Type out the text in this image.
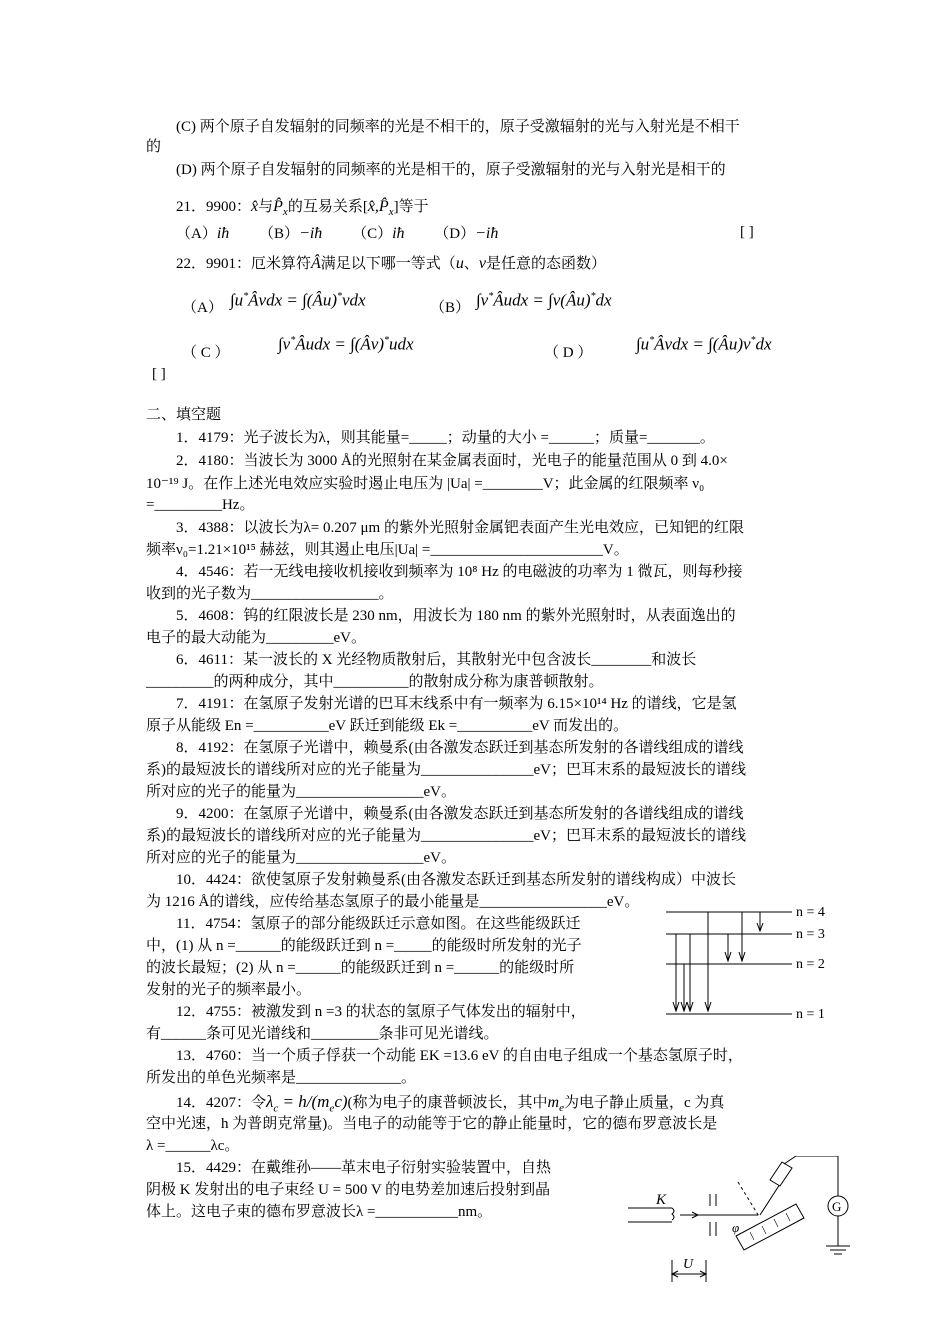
(C) 两个原子自发辐射的同频率的光是不相干的，原子受激辐射的光与入射光是不相干
的
(D) 两个原子自发辐射的同频率的光是相干的，原子受激辐射的光与入射光是相干的
21．9900：x̂与$P̂_x$的互易关系$[x̂,P̂_x]$等于
（A）iħ （B）−iħ （C）iħ （D）−iħ	[ ]
22．9901：厄米算符Â满足以下哪一等式（u、v是任意的态函数）
（A） ∫u*Âvdx = ∫(Âu)*vdx	（B） ∫v*Âudx = ∫v(Âu)*dx
（ C ）	∫v*Âudx = ∫(Âv)*udx	（ D ）	∫u*Âvdx = ∫(Âu)v*dx
[ ]
二、填空题
1．4179：光子波长为λ，则其能量=_____；动量的大小 =______；质量=_______。
2．4180：当波长为 3000 Å的光照射在某金属表面时，光电子的能量范围从 0 到 4.0×
10⁻¹⁹ J。在作上述光电效应实验时遏止电压为 |Ua| =________V；此金属的红限频率 ν₀
=_________Hz。
3．4388：以波长为λ= 0.207 μm 的紫外光照射金属钯表面产生光电效应，已知钯的红限
频率ν₀=1.21×10¹⁵ 赫兹，则其遏止电压|Ua| =_______________________V。
4．4546：若一无线电接收机接收到频率为 10⁸ Hz 的电磁波的功率为 1 微瓦，则每秒接
收到的光子数为_________________。
5．4608：钨的红限波长是 230 nm，用波长为 180 nm 的紫外光照射时，从表面逸出的
电子的最大动能为_________eV。
6．4611：某一波长的 X 光经物质散射后，其散射光中包含波长________和波长
_________的两种成分，其中__________的散射成分称为康普顿散射。
7．4191：在氢原子发射光谱的巴耳末线系中有一频率为 6.15×10¹⁴ Hz 的谱线，它是氢
原子从能级 En =__________eV 跃迁到能级 Ek =__________eV 而发出的。
8．4192：在氢原子光谱中，赖曼系(由各激发态跃迁到基态所发射的各谱线组成的谱线
系)的最短波长的谱线所对应的光子能量为_______________eV；巴耳末系的最短波长的谱线
所对应的光子的能量为_________________eV。
9．4200：在氢原子光谱中，赖曼系(由各激发态跃迁到基态所发射的各谱线组成的谱线
系)的最短波长的谱线所对应的光子能量为_______________eV；巴耳末系的最短波长的谱线
所对应的光子的能量为_________________eV。
10．4424：欲使氢原子发射赖曼系(由各激发态跃迁到基态所发射的谱线构成）中波长
为 1216 Å的谱线，应传给基态氢原子的最小能量是_________________eV。
11．4754：氢原子的部分能级跃迁示意如图。在这些能级跃迁
中，(1) 从 n =______的能级跃迁到 n =_____的能级时所发射的光子
的波长最短；(2) 从 n =______的能级跃迁到 n =______的能级时所
发射的光子的频率最小。
12．4755：被激发到 n =3 的状态的氢原子气体发出的辐射中，
有______条可见光谱线和_________条非可见光谱线。
13．4760：当一个质子俘获一个动能 EK =13.6 eV 的自由电子组成一个基态氢原子时，
所发出的单色光频率是______________。
14．4207：令$\lambda_c = h/(m_ec)$(称为电子的康普顿波长，其中$m_e$为电子静止质量，c 为真
空中光速，h 为普朗克常量)。当电子的动能等于它的静止能量时，它的德布罗意波长是
λ =______λc。
15．4429：在戴维孙——革末电子衍射实验装置中，自热
阴极 K 发射出的电子束经 U = 500 V 的电势差加速后投射到晶
体上。这电子束的德布罗意波长λ =___________nm。
n = 4
n = 3
n = 2
n = 1
K
φ
G
U
